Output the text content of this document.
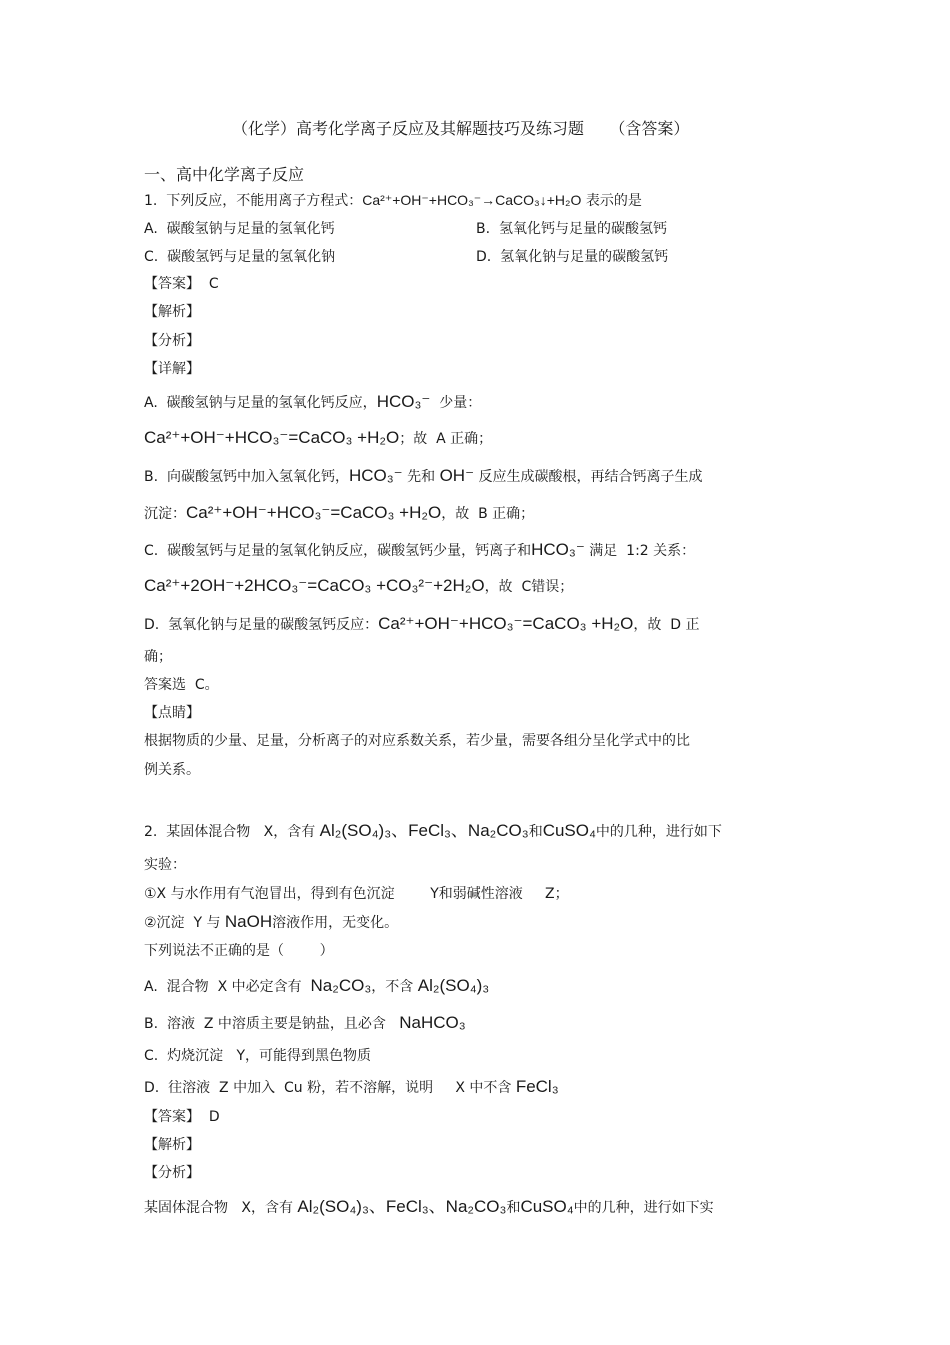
（化学）高考化学离子反应及其解题技巧及练习题     （含答案）
一、高中化学离子反应
1.  下列反应，不能用离子方程式：Ca²⁺+OH⁻+HCO₃⁻→CaCO₃↓+H₂O 表示的是
A.  碳酸氢钠与足量的氢氧化钙	B.  氢氧化钙与足量的碳酸氢钙
C.  碳酸氢钙与足量的氢氧化钠	D.  氢氧化钠与足量的碳酸氢钙
【答案】  C
【解析】
【分析】
【详解】
A.  碳酸氢钠与足量的氢氧化钙反应，HCO₃⁻  少量：
Ca²⁺+OH⁻+HCO₃⁻=CaCO₃ +H₂O；故  A 正确；
B.  向碳酸氢钙中加入氢氧化钙，HCO₃⁻ 先和 OH⁻ 反应生成碳酸根，再结合钙离子生成
沉淀：Ca²⁺+OH⁻+HCO₃⁻=CaCO₃ +H₂O，故  B 正确；
C.  碳酸氢钙与足量的氢氧化钠反应，碳酸氢钙少量，钙离子和HCO₃⁻ 满足  1:2 关系：
Ca²⁺+2OH⁻+2HCO₃⁻=CaCO₃ +CO₃²⁻+2H₂O，故  C错误；
D.  氢氧化钠与足量的碳酸氢钙反应：Ca²⁺+OH⁻+HCO₃⁻=CaCO₃ +H₂O，故  D 正
确；
答案选  C。
【点睛】
根据物质的少量、足量，分析离子的对应系数关系，若少量，需要各组分呈化学式中的比
例关系。
2.  某固体混合物   X，含有 Al₂(SO₄)₃、FeCl₃、Na₂CO₃和CuSO₄中的几种，进行如下
实验：
①X 与水作用有气泡冒出，得到有色沉淀        Y和弱碱性溶液     Z；
②沉淀  Y 与 NaOH溶液作用，无变化。
下列说法不正确的是（        ）
A.  混合物  X 中必定含有  Na₂CO₃，不含 Al₂(SO₄)₃
B.  溶液  Z 中溶质主要是钠盐，且必含   NaHCO₃
C.  灼烧沉淀   Y，可能得到黑色物质
D.  往溶液  Z 中加入  Cu 粉，若不溶解，说明     X 中不含 FeCl₃
【答案】  D
【解析】
【分析】
某固体混合物   X，含有 Al₂(SO₄)₃、FeCl₃、Na₂CO₃和CuSO₄中的几种，进行如下实
